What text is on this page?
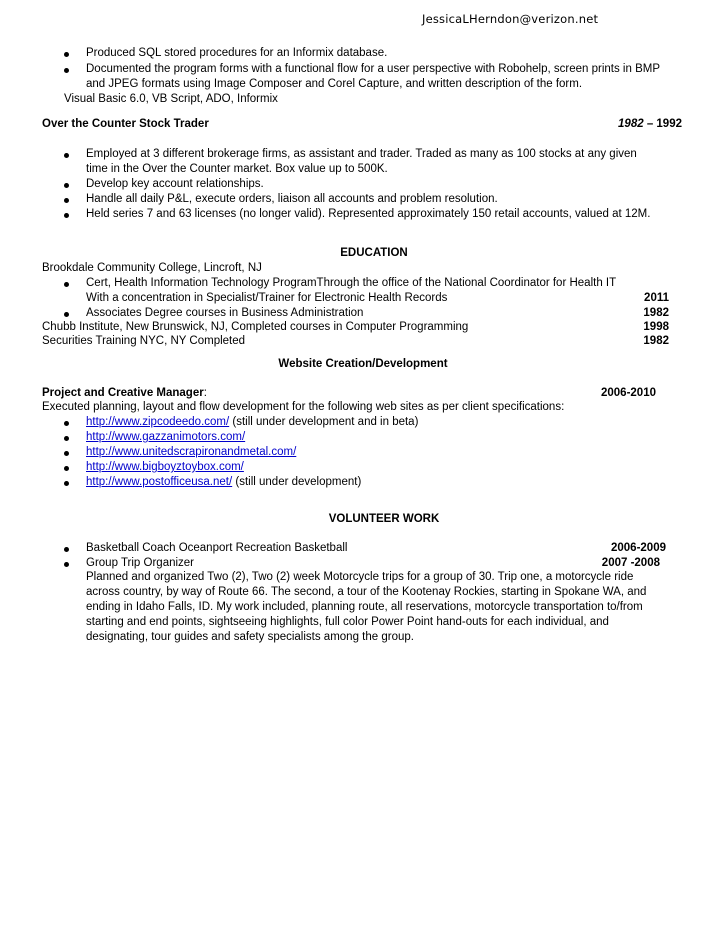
JessicaLHerndon@verizon.net
Produced SQL stored procedures for an Informix database.
Documented the program forms with a functional flow for a user perspective with Robohelp, screen prints in BMP
and JPEG formats using Image Composer and Corel Capture, and written description of the form.
Visual Basic 6.0, VB Script, ADO, Informix
Over the Counter Stock Trader	1982 – 1992
Employed at 3 different brokerage firms, as assistant and trader. Traded as many as 100 stocks at any given
time in the Over the Counter market. Box value up to 500K.
Develop key account relationships.
Handle all daily P&L, execute orders, liaison all accounts and problem resolution.
Held series 7 and 63 licenses (no longer valid). Represented approximately 150 retail accounts, valued at 12M.
EDUCATION
Brookdale Community College, Lincroft, NJ
Cert, Health Information Technology ProgramThrough the office of the National Coordinator for Health IT
With a concentration in Specialist/Trainer for Electronic Health Records	2011
Associates Degree courses in Business Administration	1982
Chubb Institute, New Brunswick, NJ, Completed courses in Computer Programming	1998
Securities Training NYC, NY Completed	1982
Website Creation/Development
Project and Creative Manager:	2006-2010
Executed planning, layout and flow development for the following web sites as per client specifications:
http://www.zipcodeedo.com/ (still under development and in beta)
http://www.gazzanimotors.com/
http://www.unitedscrapironandmetal.com/
http://www.bigboyztoybox.com/
http://www.postofficeusa.net/ (still under development)
VOLUNTEER WORK
Basketball Coach Oceanport Recreation Basketball	2006-2009
Group Trip Organizer	2007 -2008
Planned and organized Two (2), Two (2) week Motorcycle trips for a group of 30. Trip one, a motorcycle ride
across country, by way of Route 66. The second, a tour of the Kootenay Rockies, starting in Spokane WA, and
ending in Idaho Falls, ID. My work included, planning route, all reservations, motorcycle transportation to/from
starting and end points, sightseeing highlights, full color Power Point hand-outs for each individual, and
designating, tour guides and safety specialists among the group.
